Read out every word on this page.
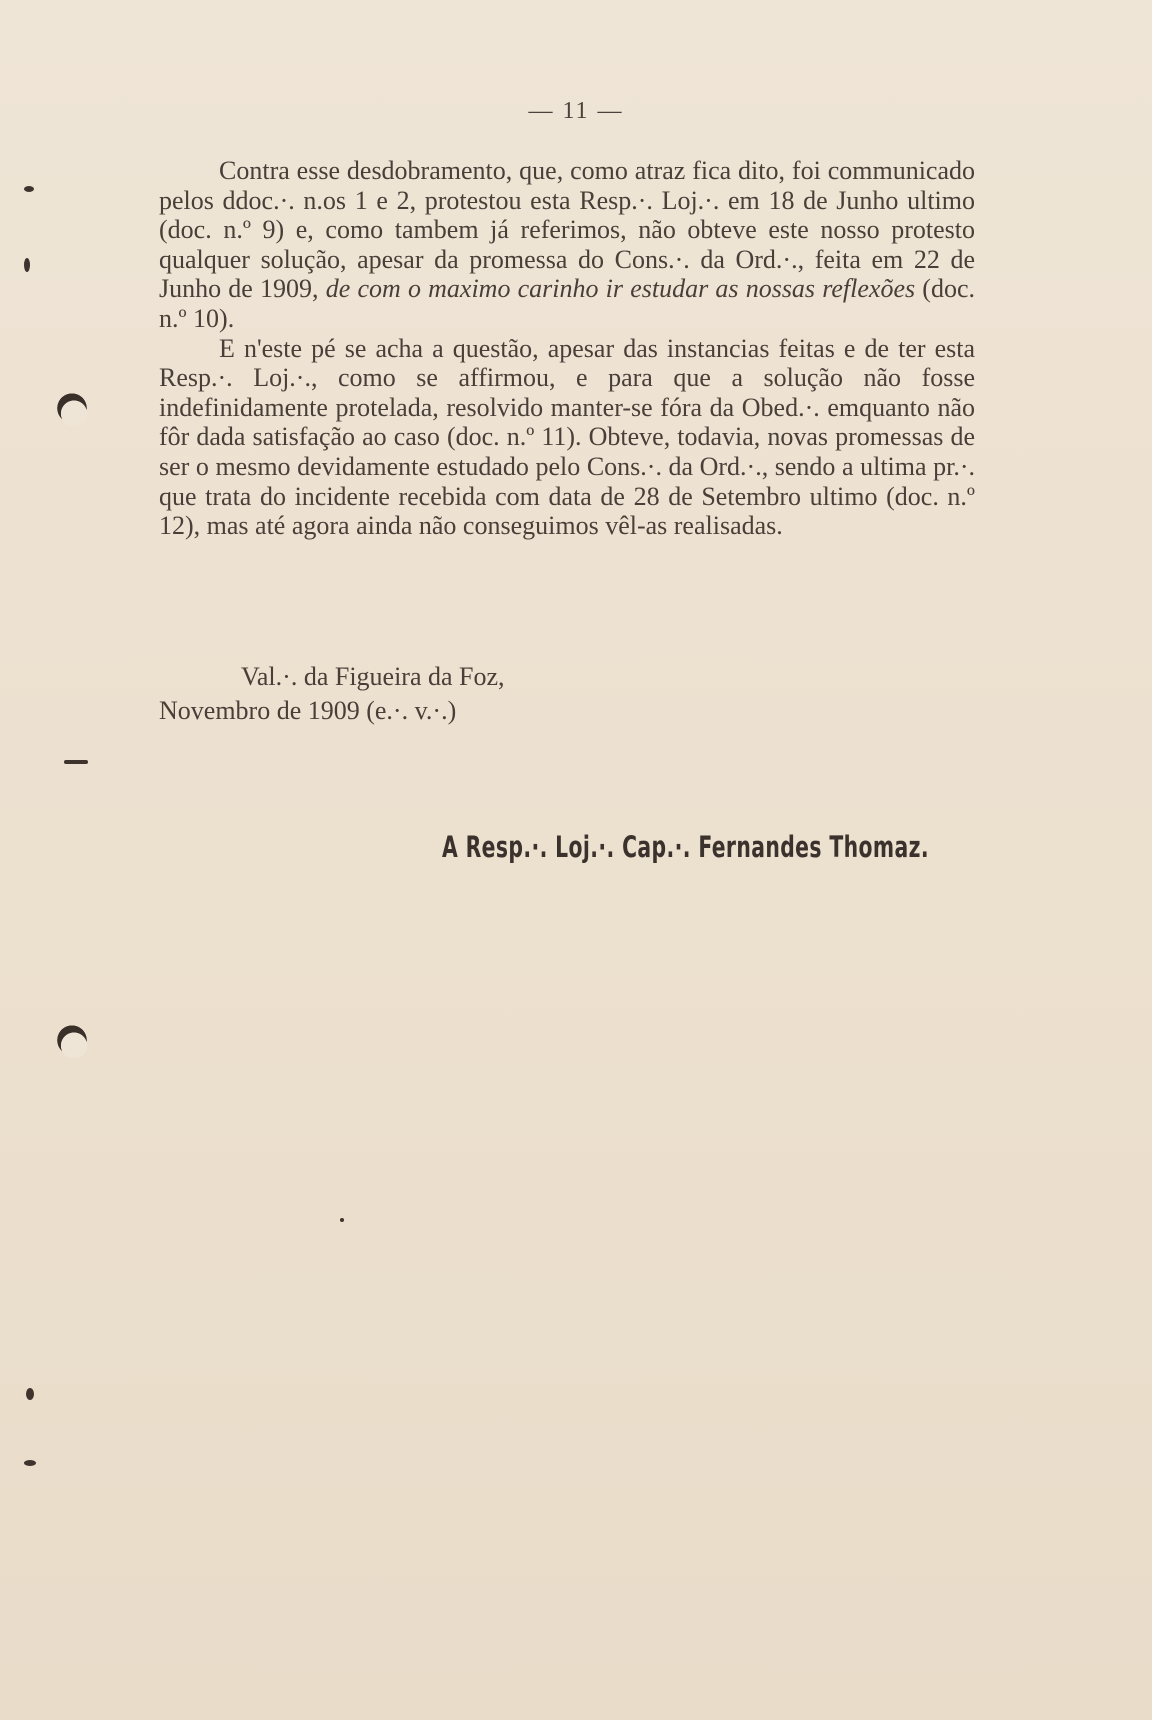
— 11 —

Contra esse desdobramento, que, como atraz fica dito, foi communicado pelos ddoc.·. n.os 1 e 2, protestou esta Resp.·. Loj.·. em 18 de Junho ultimo (doc. n.º 9) e, como tambem já referimos, não obteve este nosso protesto qualquer solução, apesar da promessa do Cons.·. da Ord.·., feita em 22 de Junho de 1909, de com o maximo carinho ir estudar as nossas reflexões (doc. n.º 10).

E n'este pé se acha a questão, apesar das instancias feitas e de ter esta Resp.·. Loj.·., como se affirmou, e para que a solução não fosse indefinidamente protelada, resolvido manter-se fóra da Obed.·. emquanto não fôr dada satisfação ao caso (doc. n.º 11). Obteve, todavia, novas promessas de ser o mesmo devidamente estudado pelo Cons.·. da Ord.·., sendo a ultima pr.·. que trata do incidente recebida com data de 28 de Setembro ultimo (doc. n.º 12), mas até agora ainda não conseguimos vêl-as realisadas.

Val.·. da Figueira da Foz,
Novembro de 1909 (e.·. v.·.)
A Resp.·. Loj.·. Cap.·. Fernandes Thomaz.
